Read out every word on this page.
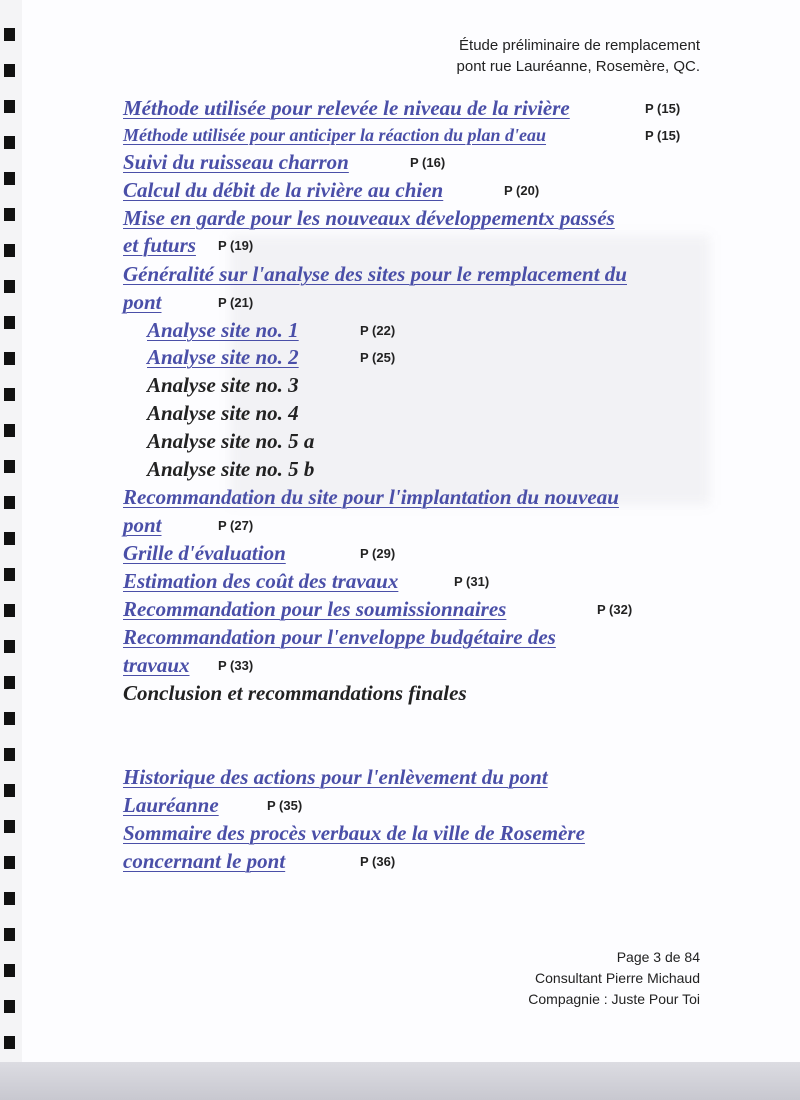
Étude préliminaire de remplacement
pont rue Lauréanne, Rosemère, QC.
Méthode utilisée pour relevée le niveau de la rivière	P (15)
Méthode utilisée pour anticiper la réaction du plan d'eau	P (15)
Suivi du ruisseau charron	P (16)
Calcul du débit de la rivière au chien	P (20)
Mise en garde pour les nouveaux développementx passés
et futurs P (19)
Généralité sur l'analyse des sites pour le remplacement du
pont	P (21)
Analyse site no. 1	P (22)
Analyse site no. 2	P (25)
Analyse site no. 3
Analyse site no. 4
Analyse site no. 5 a
Analyse site no. 5 b
Recommandation du site pour l'implantation du nouveau
pont	P (27)
Grille d'évaluation	P (29)
Estimation des coût des travaux	P (31)
Recommandation pour les soumissionnaires	P (32)
Recommandation pour l'enveloppe budgétaire des
travaux P (33)
Conclusion et recommandations finales
Historique des actions pour l'enlèvement du pont
Lauréanne	P (35)
Sommaire des procès verbaux de la ville de Rosemère
concernant le pont	P (36)
Page 3 de 84
Consultant Pierre Michaud
Compagnie : Juste Pour Toi
